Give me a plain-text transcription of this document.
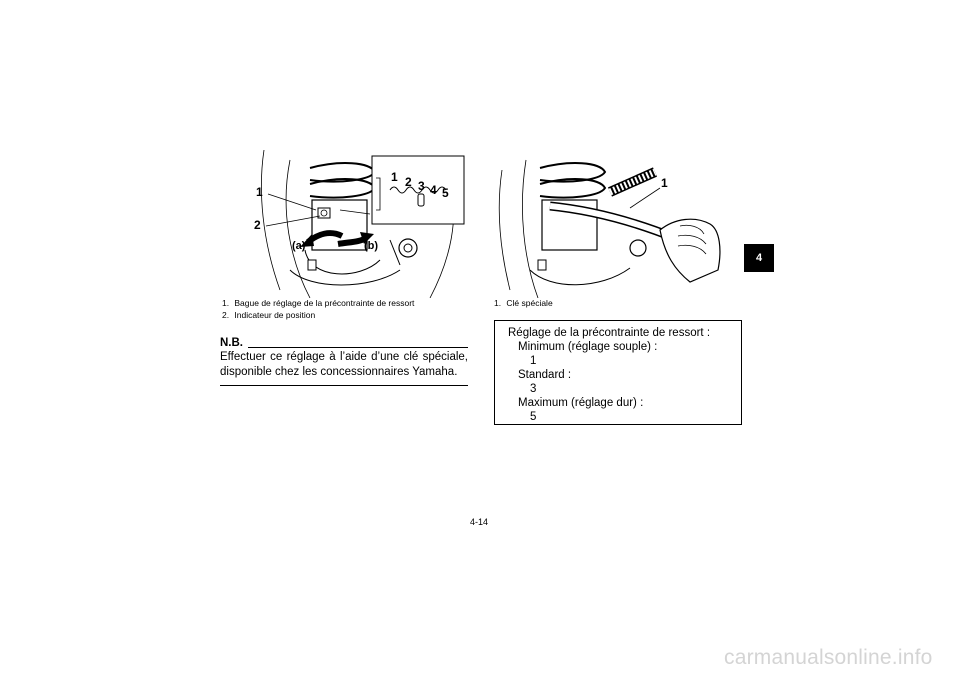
1
2
1 2 3 4 5
(a)	(b)
1
1. Bague de réglage de la précontrainte de ressort
2. Indicateur de position
N.B.
Effectuer ce réglage à l’aide d’une clé spéciale, disponible chez les concessionnaires Yamaha.
1. Clé spéciale
Réglage de la précontrainte de ressort :
Minimum (réglage souple) :
1
Standard :
3
Maximum (réglage dur) :
5
4
4-14
carmanualsonline.info
